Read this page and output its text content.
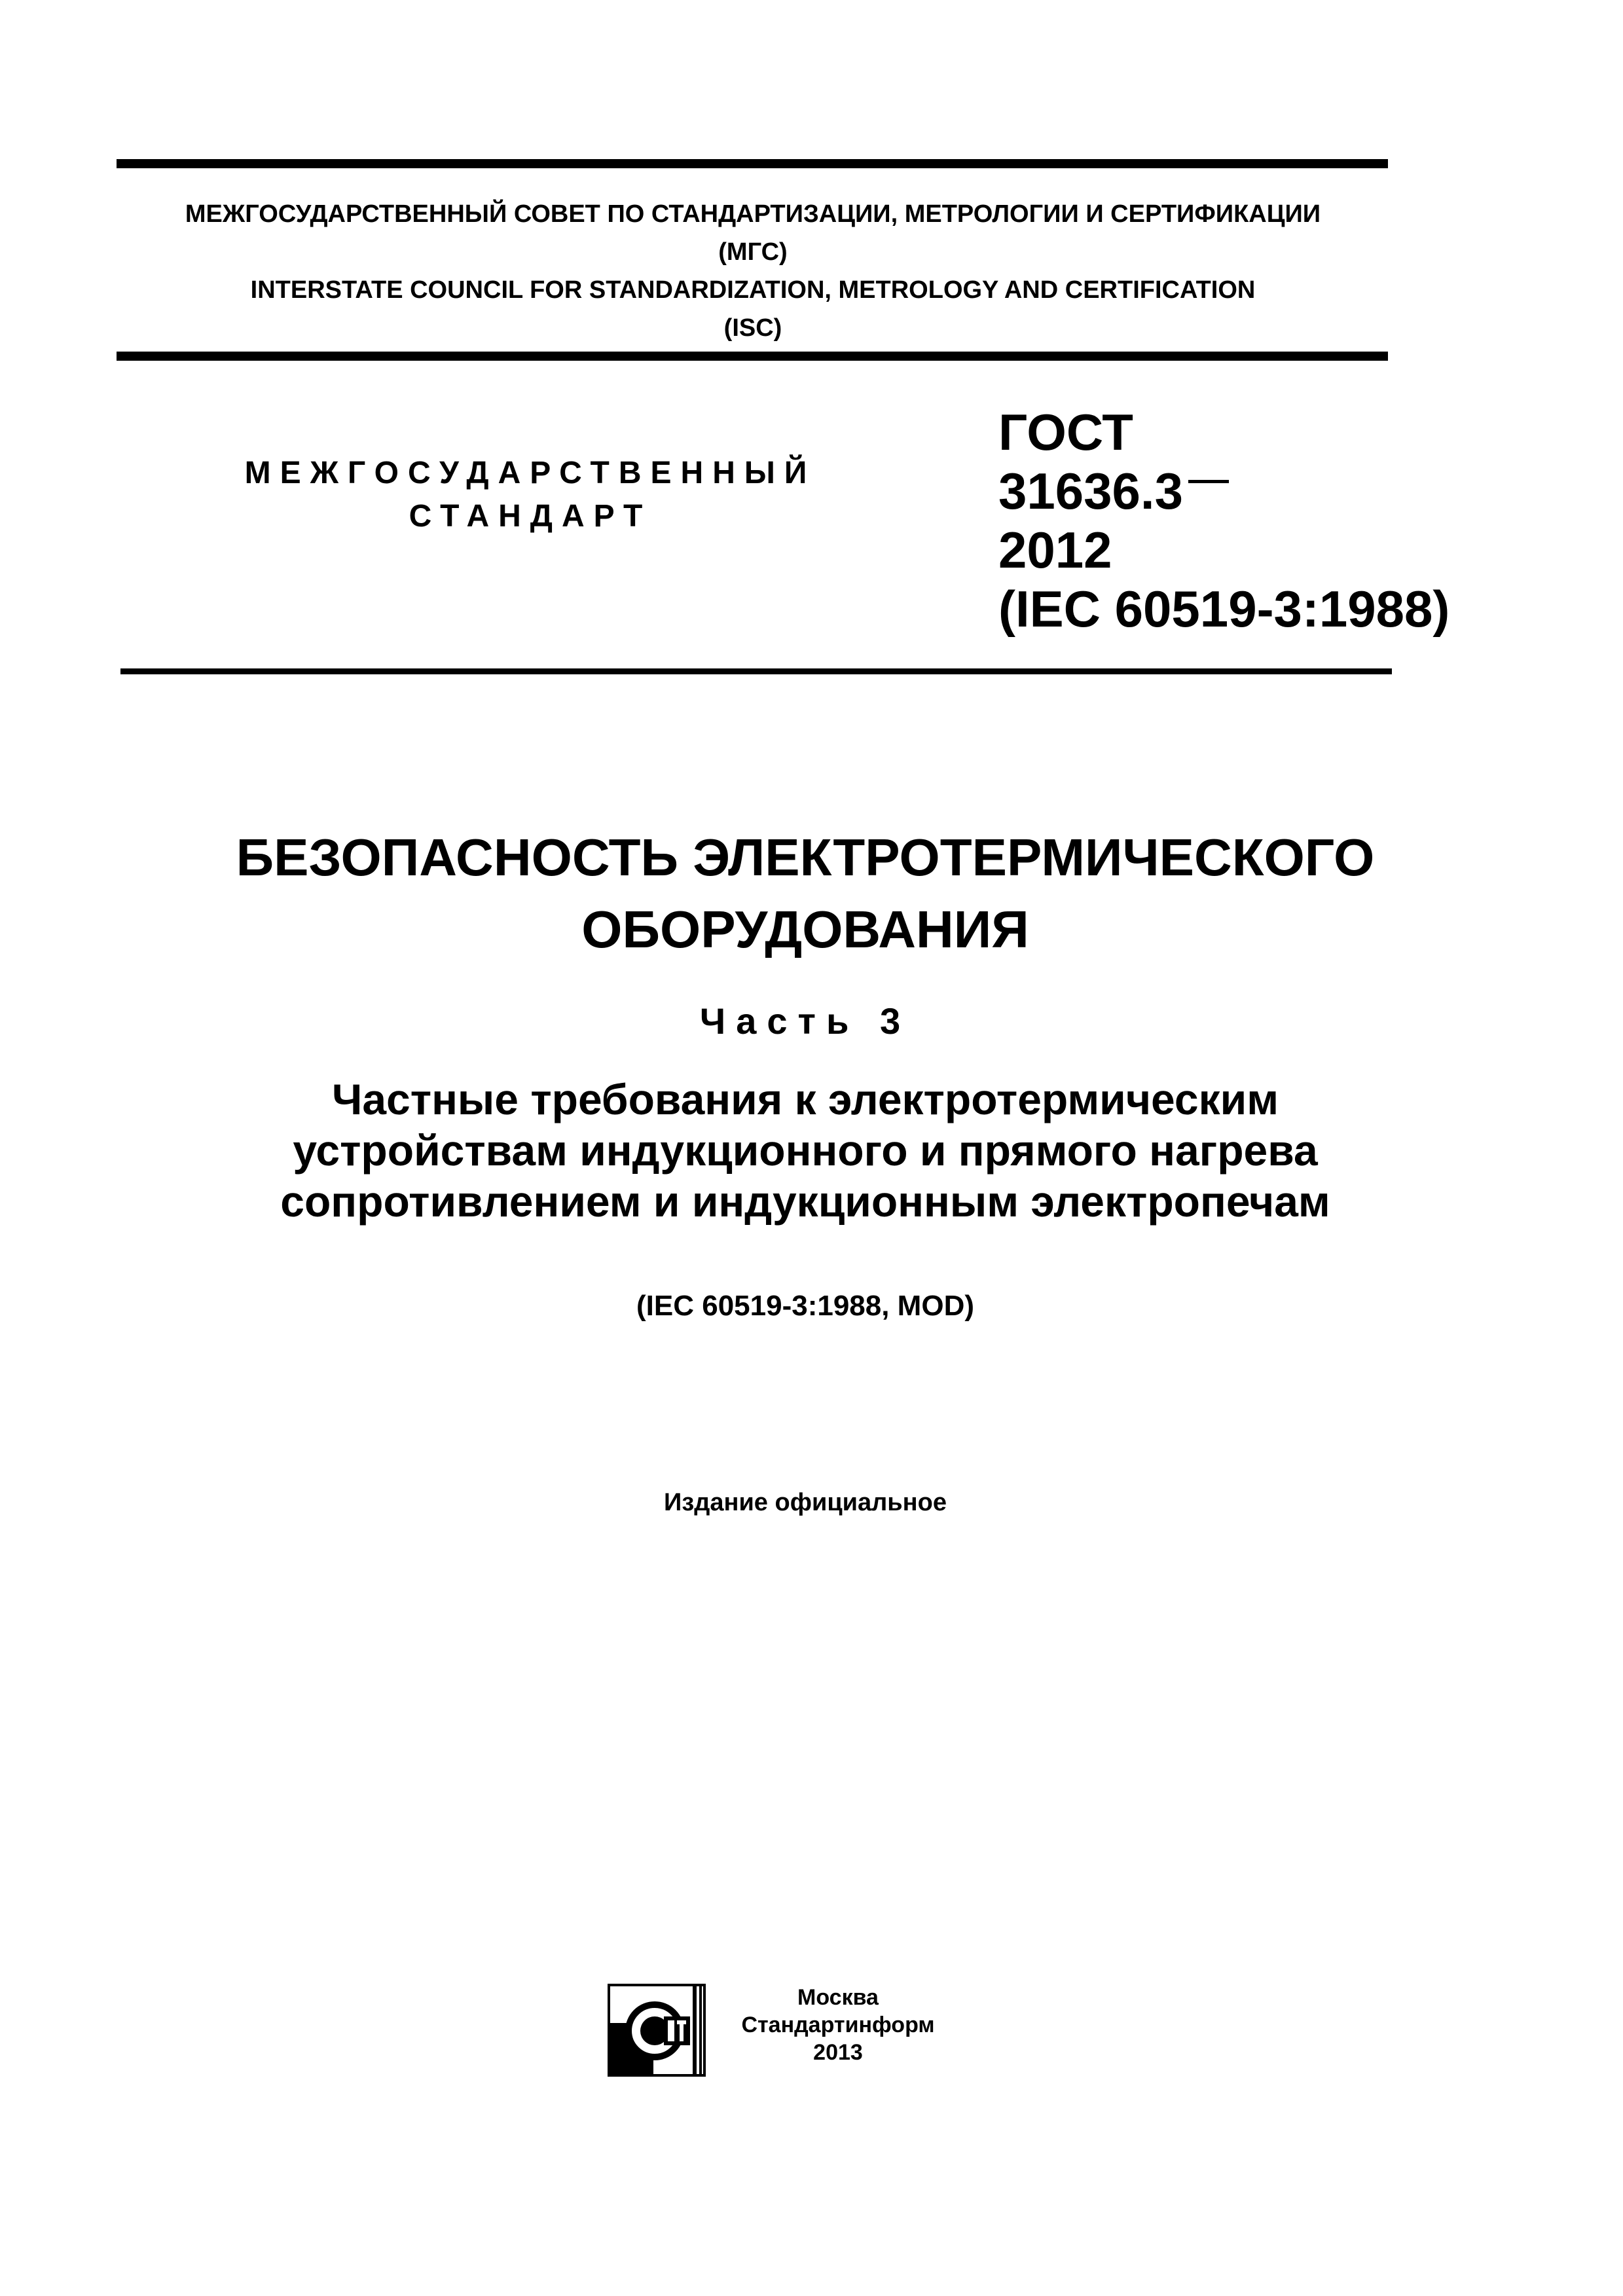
МЕЖГОСУДАРСТВЕННЫЙ СОВЕТ ПО СТАНДАРТИЗАЦИИ, МЕТРОЛОГИИ И СЕРТИФИКАЦИИ
(МГС)
INTERSTATE COUNCIL FOR STANDARDIZATION, METROLOGY AND CERTIFICATION
(ISC)
МЕЖГОСУДАРСТВЕННЫЙ
СТАНДАРТ
ГОСТ
31636.3
2012
(IEC 60519-3:1988)
БЕЗОПАСНОСТЬ ЭЛЕКТРОТЕРМИЧЕСКОГО
ОБОРУДОВАНИЯ
Часть 3
Частные требования к электротермическим
устройствам индукционного и прямого нагрева
сопротивлением и индукционным электропечам
(IEC 60519-3:1988, MOD)
Издание официальное
Москва
Стандартинформ
2013
